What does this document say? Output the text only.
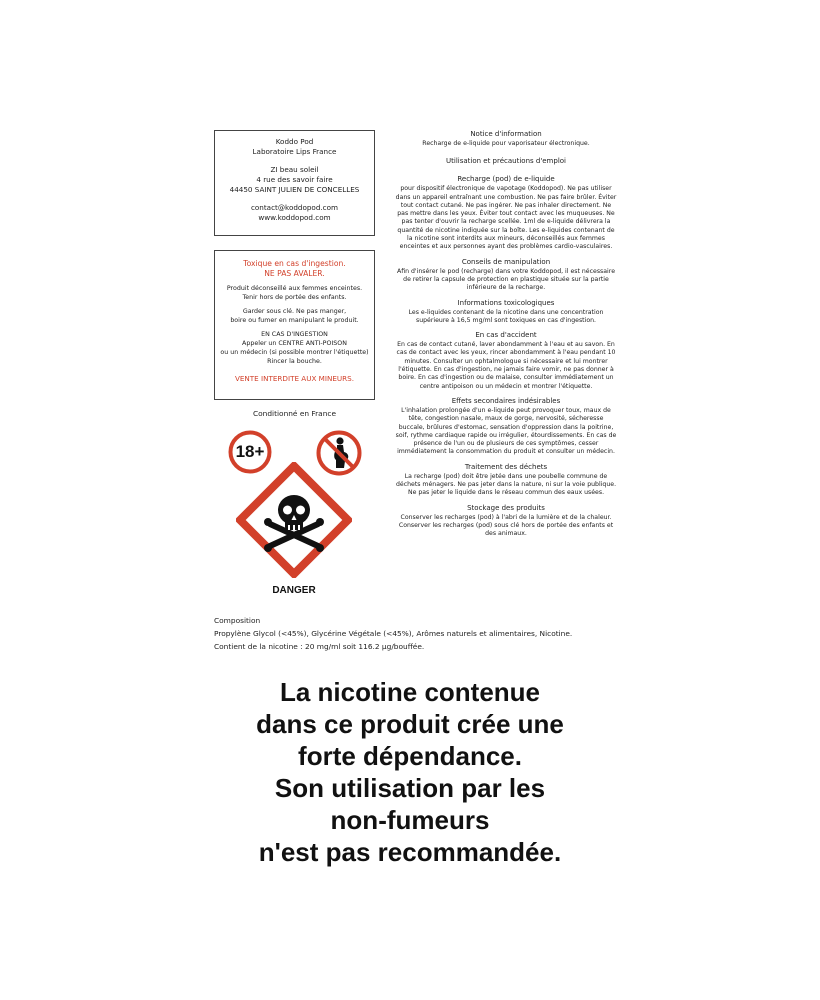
Koddo Pod

Laboratoire Lips France

ZI beau soleil

4 rue des savoir faire

44450 SAINT JULIEN DE CONCELLES

contact@koddopod.com

www.koddopod.com

Toxique en cas d'ingestion.

NE PAS AVALER.

Produit déconseillé aux femmes enceintes.

Tenir hors de portée des enfants.

Garder sous clé. Ne pas manger,

boire ou fumer en manipulant le produit.

EN CAS D'INGESTION

Appeler un CENTRE ANTI-POISON

ou un médecin (si possible montrer l'étiquette)

Rincer la bouche.

VENTE INTERDITE AUX MINEURS.

Conditionné en France
18+
DANGER
Notice d'information

Recharge de e-liquide pour vaporisateur électronique.

Utilisation et précautions d'emploi
Recharge (pod) de e-liquide

pour dispositif électronique de vapotage (Koddopod). Ne pas utiliser dans un appareil entraînant une combustion. Ne pas faire brûler. Éviter tout contact cutané. Ne pas ingérer. Ne pas inhaler directement. Ne pas mettre dans les yeux. Éviter tout contact avec les muqueuses. Ne pas tenter d'ouvrir la recharge scellée. 1ml de e-liquide délivrera la quantité de nicotine indiquée sur la boîte. Les e-liquides contenant de la nicotine sont interdits aux mineurs, déconseillés aux femmes enceintes et aux personnes ayant des problèmes cardio-vasculaires.

Conseils de manipulation

Afin d'insérer le pod (recharge) dans votre Koddopod, il est nécessaire de retirer la capsule de protection en plastique située sur la partie inférieure de la recharge.

Informations toxicologiques

Les e-liquides contenant de la nicotine dans une concentration supérieure à 16,5 mg/ml sont toxiques en cas d'ingestion.

En cas d'accident

En cas de contact cutané, laver abondamment à l'eau et au savon. En cas de contact avec les yeux, rincer abondamment à l'eau pendant 10 minutes. Consulter un ophtalmologue si nécessaire et lui montrer l'étiquette. En cas d'ingestion, ne jamais faire vomir, ne pas donner à boire. En cas d'ingestion ou de malaise, consulter immédiatement un centre antipoison ou un médecin et montrer l'étiquette.

Effets secondaires indésirables

L'inhalation prolongée d'un e-liquide peut provoquer toux, maux de tête, congestion nasale, maux de gorge, nervosité, sécheresse buccale, brûlures d'estomac, sensation d'oppression dans la poitrine, soif, rythme cardiaque rapide ou irrégulier, étourdissements. En cas de présence de l'un ou de plusieurs de ces symptômes, cesser immédiatement la consommation du produit et consulter un médecin.

Traitement des déchets

La recharge (pod) doit être jetée dans une poubelle commune de déchets ménagers. Ne pas jeter dans la nature, ni sur la voie publique. Ne pas jeter le liquide dans le réseau commun des eaux usées.

Stockage des produits

Conserver les recharges (pod) à l'abri de la lumière et de la chaleur. Conserver les recharges (pod) sous clé hors de portée des enfants et des animaux.

Composition
Propylène Glycol (<45%), Glycérine Végétale (<45%), Arômes naturels et alimentaires, Nicotine.
Contient de la nicotine : 20 mg/ml soit 116.2 µg/bouffée.
La nicotine contenue
dans ce produit crée une
forte dépendance.
Son utilisation par les
non-fumeurs
n'est pas recommandée.
